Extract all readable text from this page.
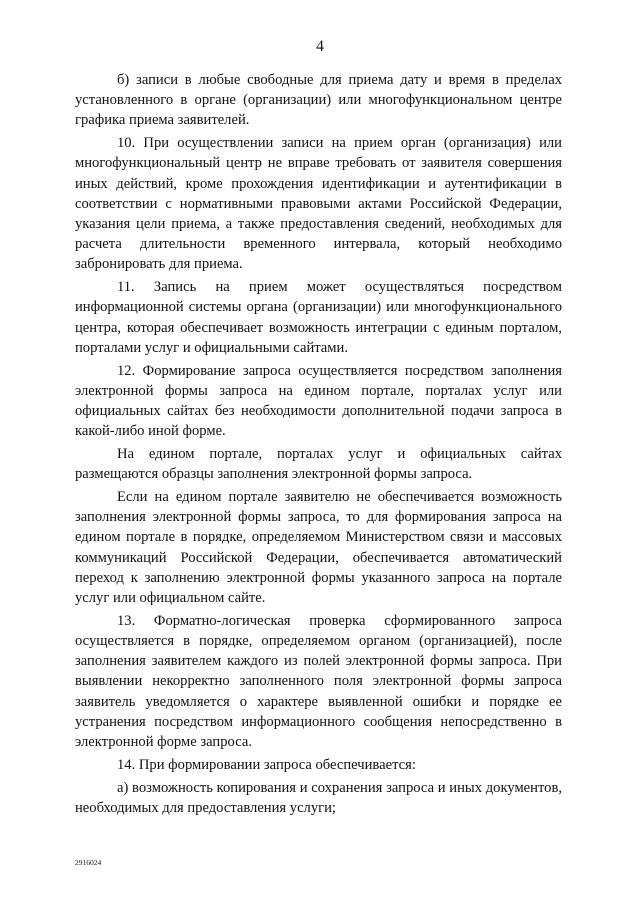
4

б) записи в любые свободные для приема дату и время в пределах установленного в органе (организации) или многофункциональном центре графика приема заявителей.

10. При осуществлении записи на прием орган (организация) или многофункциональный центр не вправе требовать от заявителя совершения иных действий, кроме прохождения идентификации и аутентификации в соответствии с нормативными правовыми актами Российской Федерации, указания цели приема, а также предоставления сведений, необходимых для расчета длительности временного интервала, который необходимо забронировать для приема.

11. Запись на прием может осуществляться посредством информационной системы органа (организации) или многофункционального центра, которая обеспечивает возможность интеграции с единым порталом, порталами услуг и официальными сайтами.

12. Формирование запроса осуществляется посредством заполнения электронной формы запроса на едином портале, порталах услуг или официальных сайтах без необходимости дополнительной подачи запроса в какой-либо иной форме.

На едином портале, порталах услуг и официальных сайтах размещаются образцы заполнения электронной формы запроса.

Если на едином портале заявителю не обеспечивается возможность заполнения электронной формы запроса, то для формирования запроса на едином портале в порядке, определяемом Министерством связи и массовых коммуникаций Российской Федерации, обеспечивается автоматический переход к заполнению электронной формы указанного запроса на портале услуг или официальном сайте.

13. Форматно-логическая проверка сформированного запроса осуществляется в порядке, определяемом органом (организацией), после заполнения заявителем каждого из полей электронной формы запроса. При выявлении некорректно заполненного поля электронной формы запроса заявитель уведомляется о характере выявленной ошибки и порядке ее устранения посредством информационного сообщения непосредственно в электронной форме запроса.

14. При формировании запроса обеспечивается:

а) возможность копирования и сохранения запроса и иных документов, необходимых для предоставления услуги;

2916024
